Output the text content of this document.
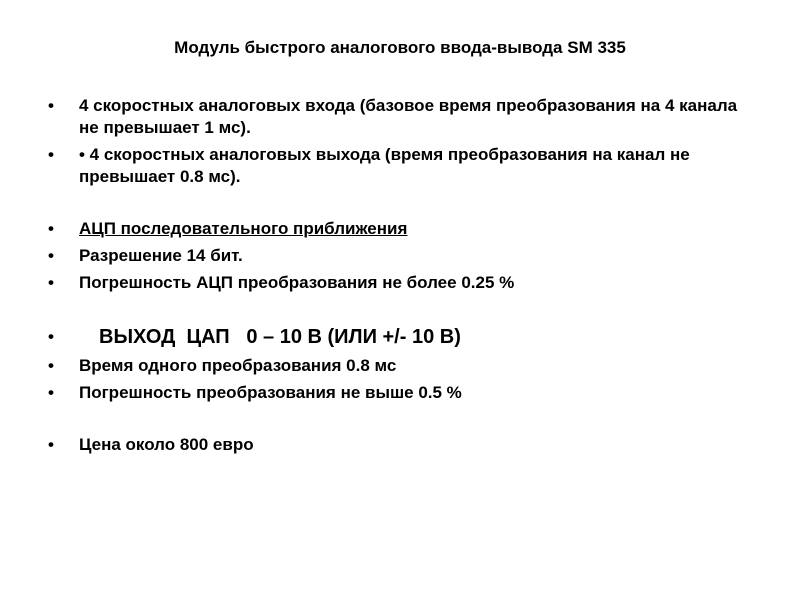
Модуль быстрого аналогового ввода-вывода SM 335
• 4 скоростных аналоговых входа (базовое время преобразования на 4 канала не превышает 1 мс).
• • 4 скоростных аналоговых выхода (время преобразования на канал не превышает 0.8 мс).
• АЦП последовательного приближения
• Разрешение 14 бит.
• Погрешность АЦП преобразования не более 0.25 %
• ВЫХОД  ЦАП   0 – 10 В (ИЛИ +/- 10 В)
• Время одного преобразования 0.8 мс
• Погрешность преобразования не выше 0.5 %
• Цена около 800 евро
